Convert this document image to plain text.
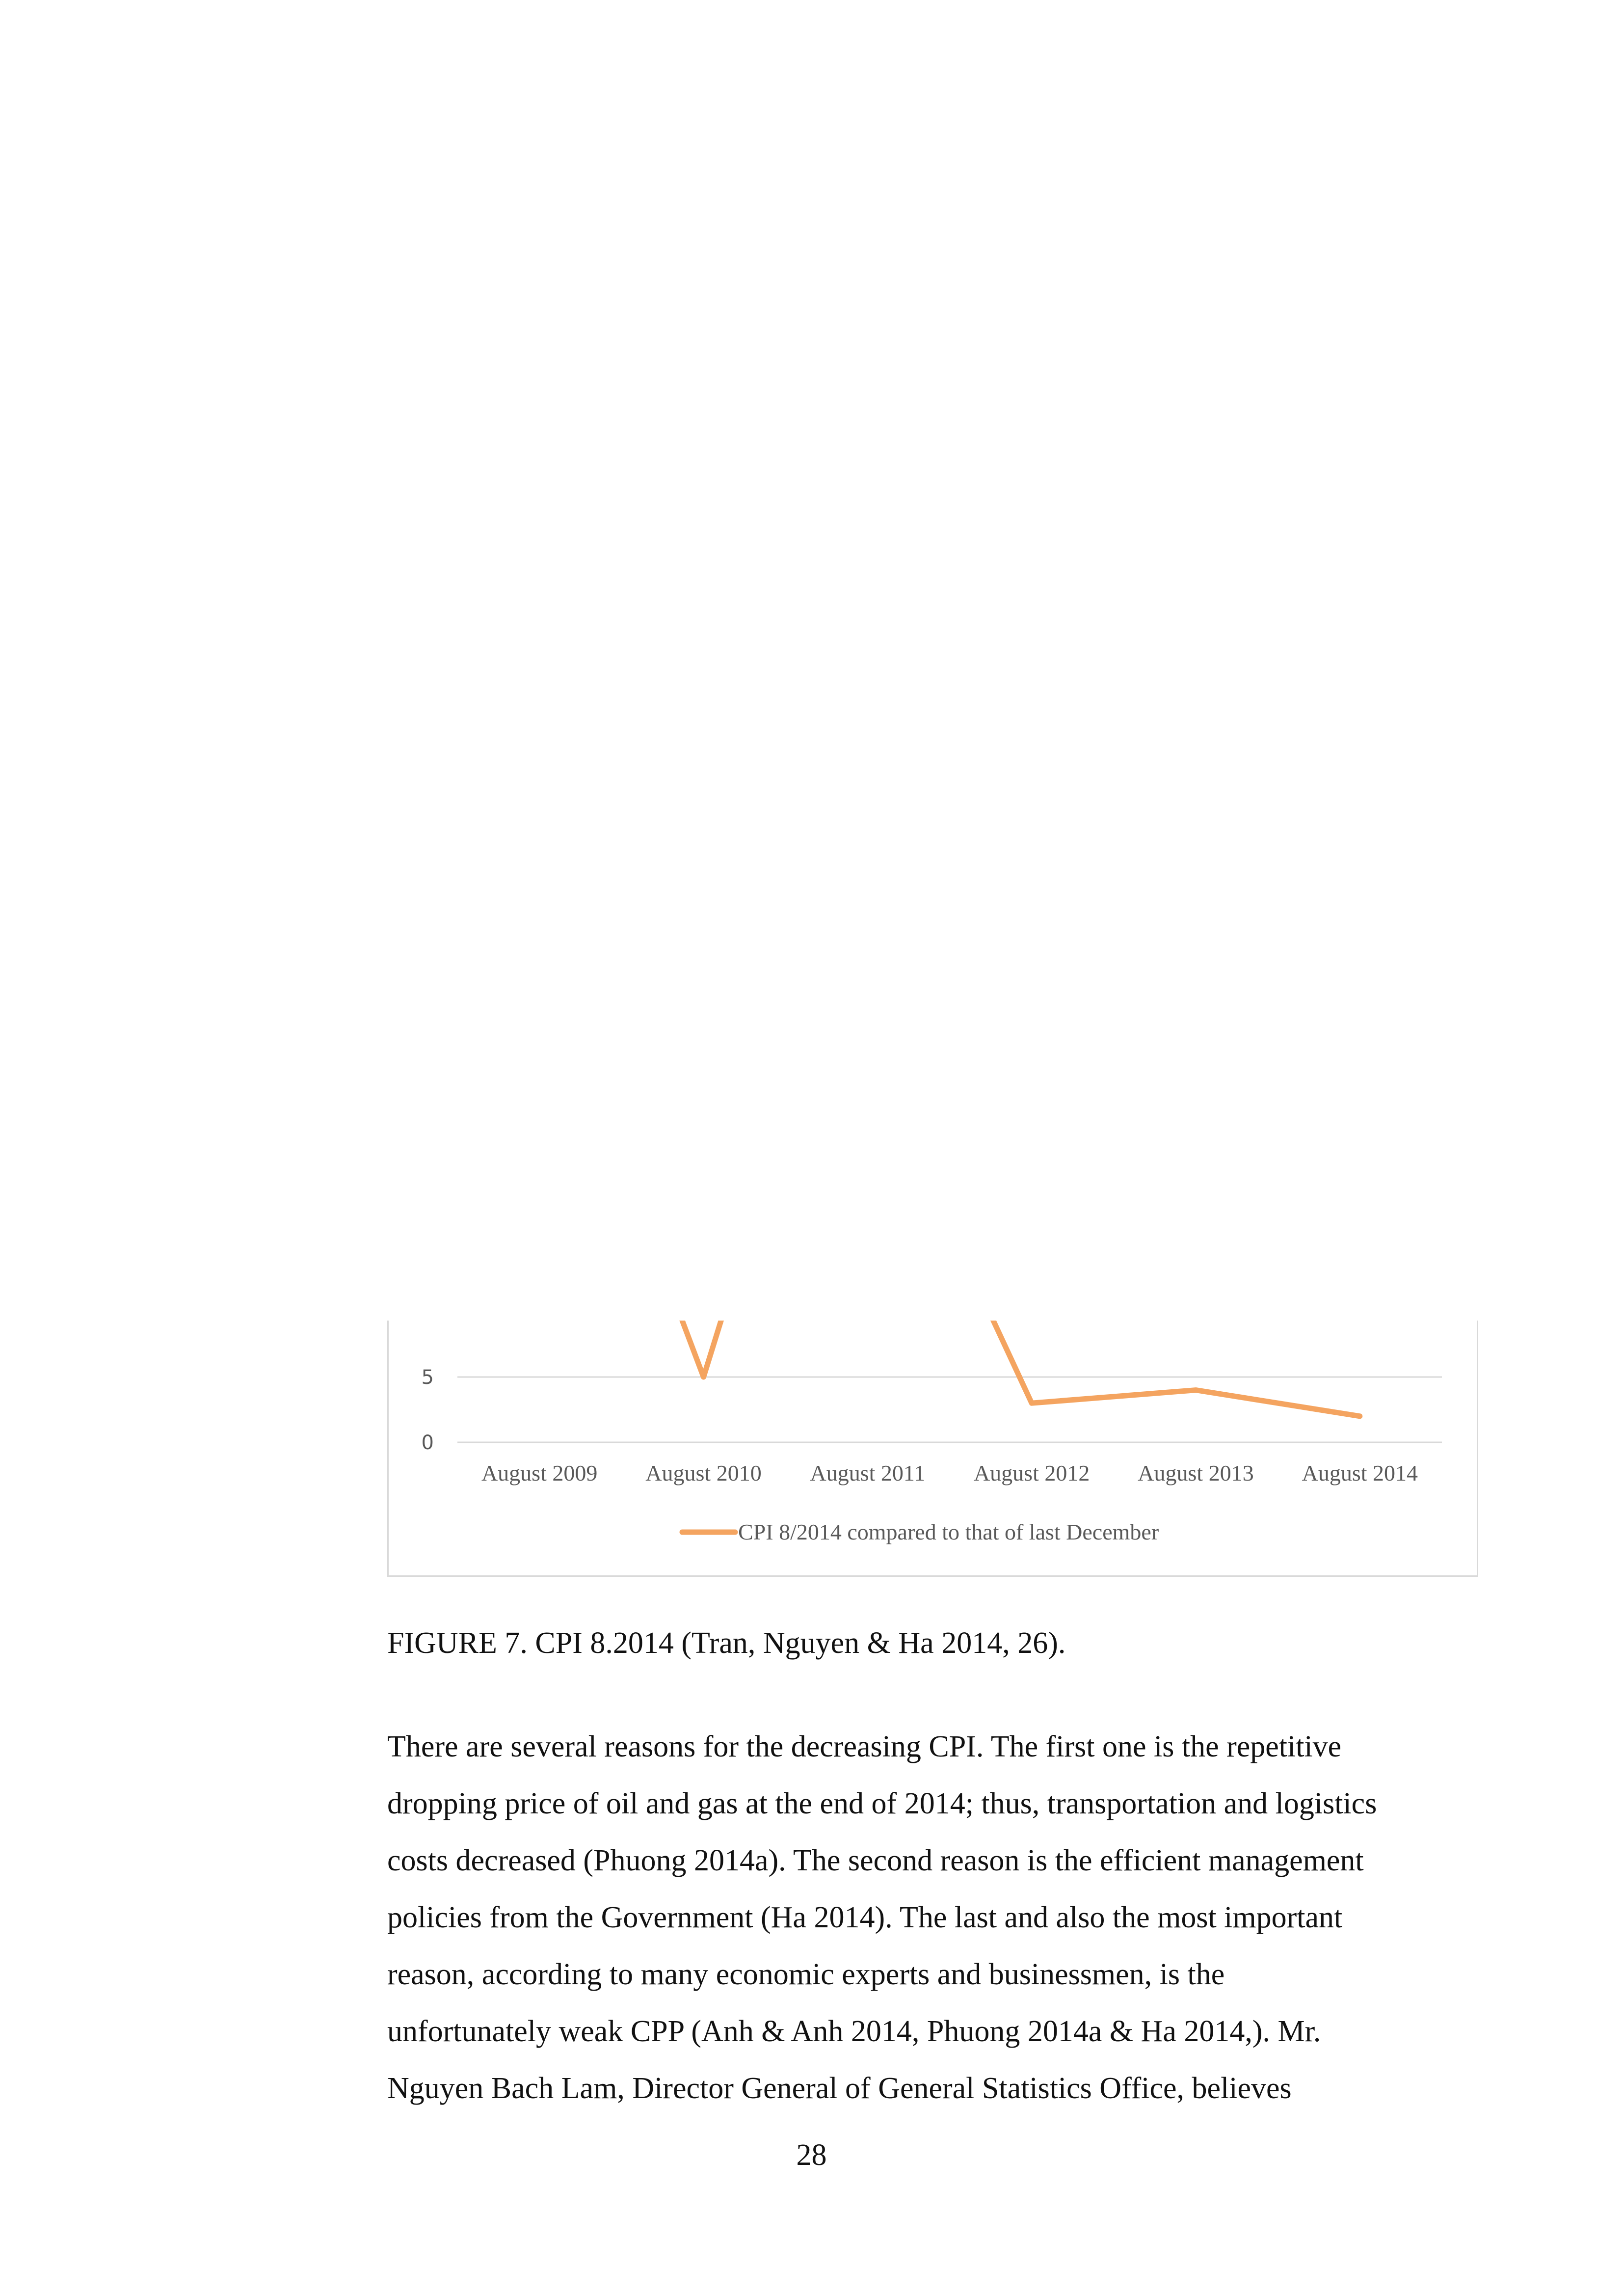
0
5
August 2009 August 2010 August 2011 August 2012 August 2013 August 2014
CPI 8/2014 compared to that of last December
FIGURE 7. CPI 8.2014 (Tran, Nguyen & Ha 2014, 26).
There are several reasons for the decreasing CPI. The first one is the repetitive
dropping price of oil and gas at the end of 2014; thus, transportation and logistics
costs decreased (Phuong 2014a). The second reason is the efficient management
policies from the Government (Ha 2014). The last and also the most important
reason, according to many economic experts and businessmen, is the
unfortunately weak CPP (Anh & Anh 2014, Phuong 2014a & Ha 2014,). Mr.
Nguyen Bach Lam, Director General of General Statistics Office, believes
28
